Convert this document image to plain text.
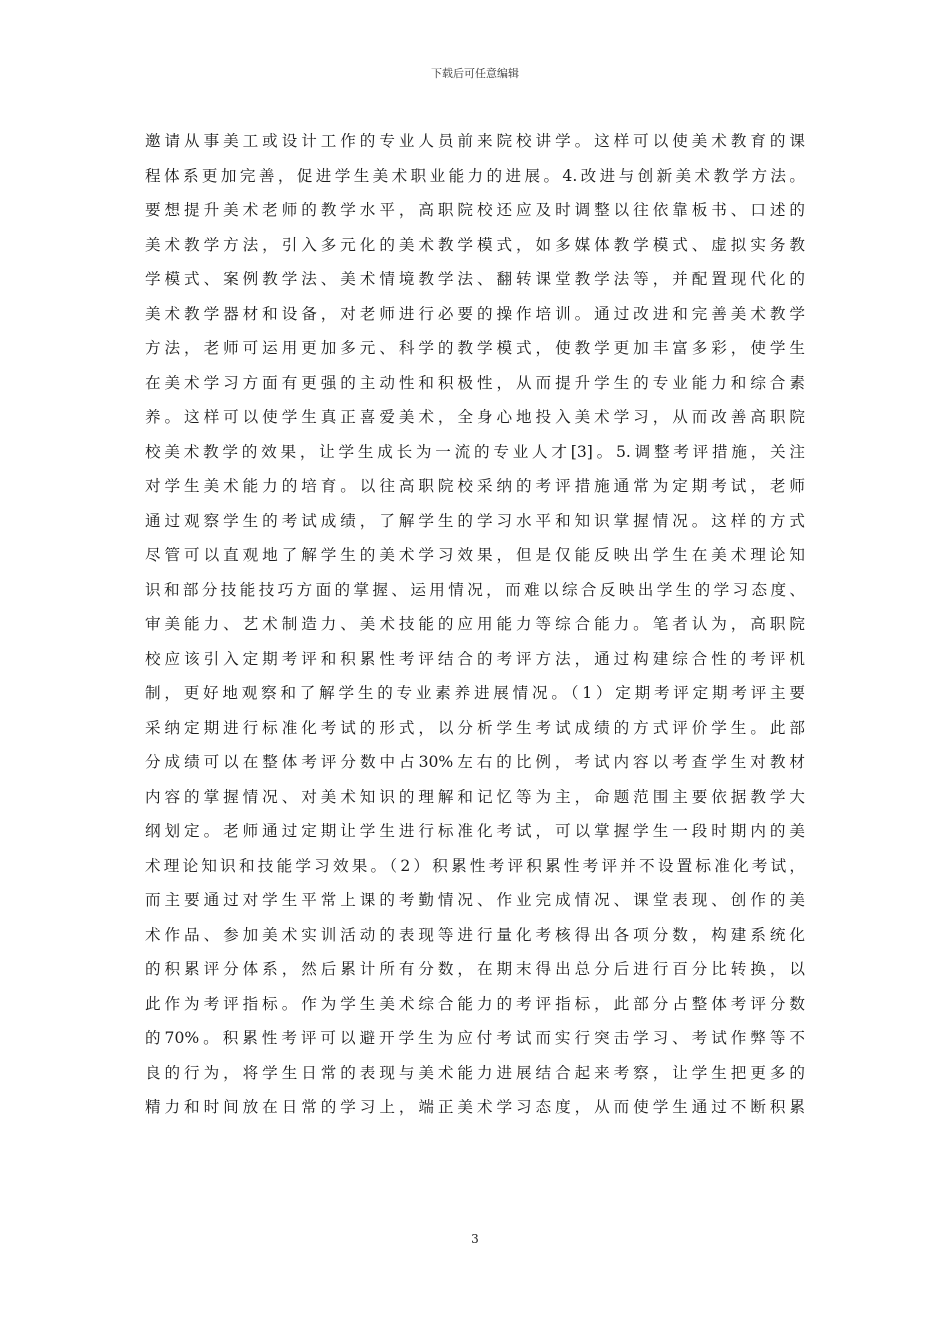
下载后可任意编辑
邀请从事美工或设计工作的专业人员前来院校讲学。这样可以使美术教育的课
程体系更加完善，促进学生美术职业能力的进展。4.改进与创新美术教学方法。
要想提升美术老师的教学水平，高职院校还应及时调整以往依靠板书、口述的
美术教学方法，引入多元化的美术教学模式，如多媒体教学模式、虚拟实务教
学模式、案例教学法、美术情境教学法、翻转课堂教学法等，并配置现代化的
美术教学器材和设备，对老师进行必要的操作培训。通过改进和完善美术教学
方法，老师可运用更加多元、科学的教学模式，使教学更加丰富多彩，使学生
在美术学习方面有更强的主动性和积极性，从而提升学生的专业能力和综合素
养。这样可以使学生真正喜爱美术，全身心地投入美术学习，从而改善高职院
校美术教学的效果，让学生成长为一流的专业人才[3]。5.调整考评措施，关注
对学生美术能力的培育。以往高职院校采纳的考评措施通常为定期考试，老师
通过观察学生的考试成绩，了解学生的学习水平和知识掌握情况。这样的方式
尽管可以直观地了解学生的美术学习效果，但是仅能反映出学生在美术理论知
识和部分技能技巧方面的掌握、运用情况，而难以综合反映出学生的学习态度、
审美能力、艺术制造力、美术技能的应用能力等综合能力。笔者认为，高职院
校应该引入定期考评和积累性考评结合的考评方法，通过构建综合性的考评机
制，更好地观察和了解学生的专业素养进展情况。（1）定期考评定期考评主要
采纳定期进行标准化考试的形式，以分析学生考试成绩的方式评价学生。此部
分成绩可以在整体考评分数中占30%左右的比例，考试内容以考查学生对教材
内容的掌握情况、对美术知识的理解和记忆等为主，命题范围主要依据教学大
纲划定。老师通过定期让学生进行标准化考试，可以掌握学生一段时期内的美
术理论知识和技能学习效果。（2）积累性考评积累性考评并不设置标准化考试，
而主要通过对学生平常上课的考勤情况、作业完成情况、课堂表现、创作的美
术作品、参加美术实训活动的表现等进行量化考核得出各项分数，构建系统化
的积累评分体系，然后累计所有分数，在期末得出总分后进行百分比转换，以
此作为考评指标。作为学生美术综合能力的考评指标，此部分占整体考评分数
的70%。积累性考评可以避开学生为应付考试而实行突击学习、考试作弊等不
良的行为，将学生日常的表现与美术能力进展结合起来考察，让学生把更多的
精力和时间放在日常的学习上，端正美术学习态度，从而使学生通过不断积累
3
